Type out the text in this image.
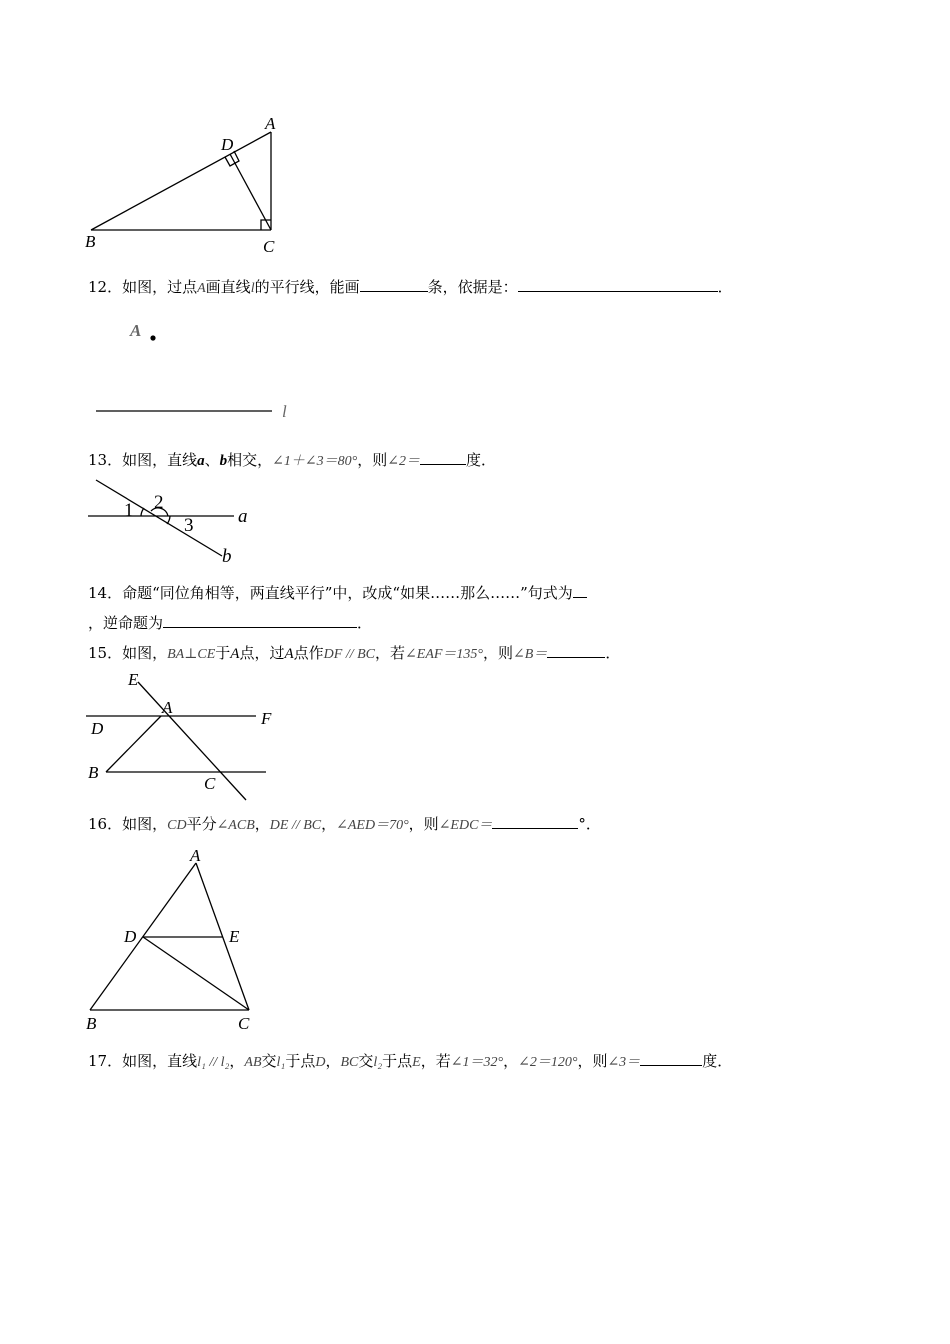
A
D
B	C
12．如图，过点A画直线l的平行线，能画	条，依据是：	．
A
l
13．如图，直线a、b相交，∠1＋∠3＝80°，则∠2＝	度．
1 2
3 a
b
14．命题“同位角相等，两直线平行”中，改成“如果……那么……”句式为
，逆命题为	．
15．如图，BA⊥CE于A点，过A点作DF // BC，若∠EAF＝135°，则∠B＝	．
E
A
F
D
B
C
16．如图，CD平分∠ACB，DE // BC，∠AED＝70°，则∠EDC＝	°．
A
D	E
B	C
17．如图，直线l₁ // l₂，AB交l₁于点D，BC交l₂于点E，若∠1＝32°，∠2＝120°，则∠3＝	度．
